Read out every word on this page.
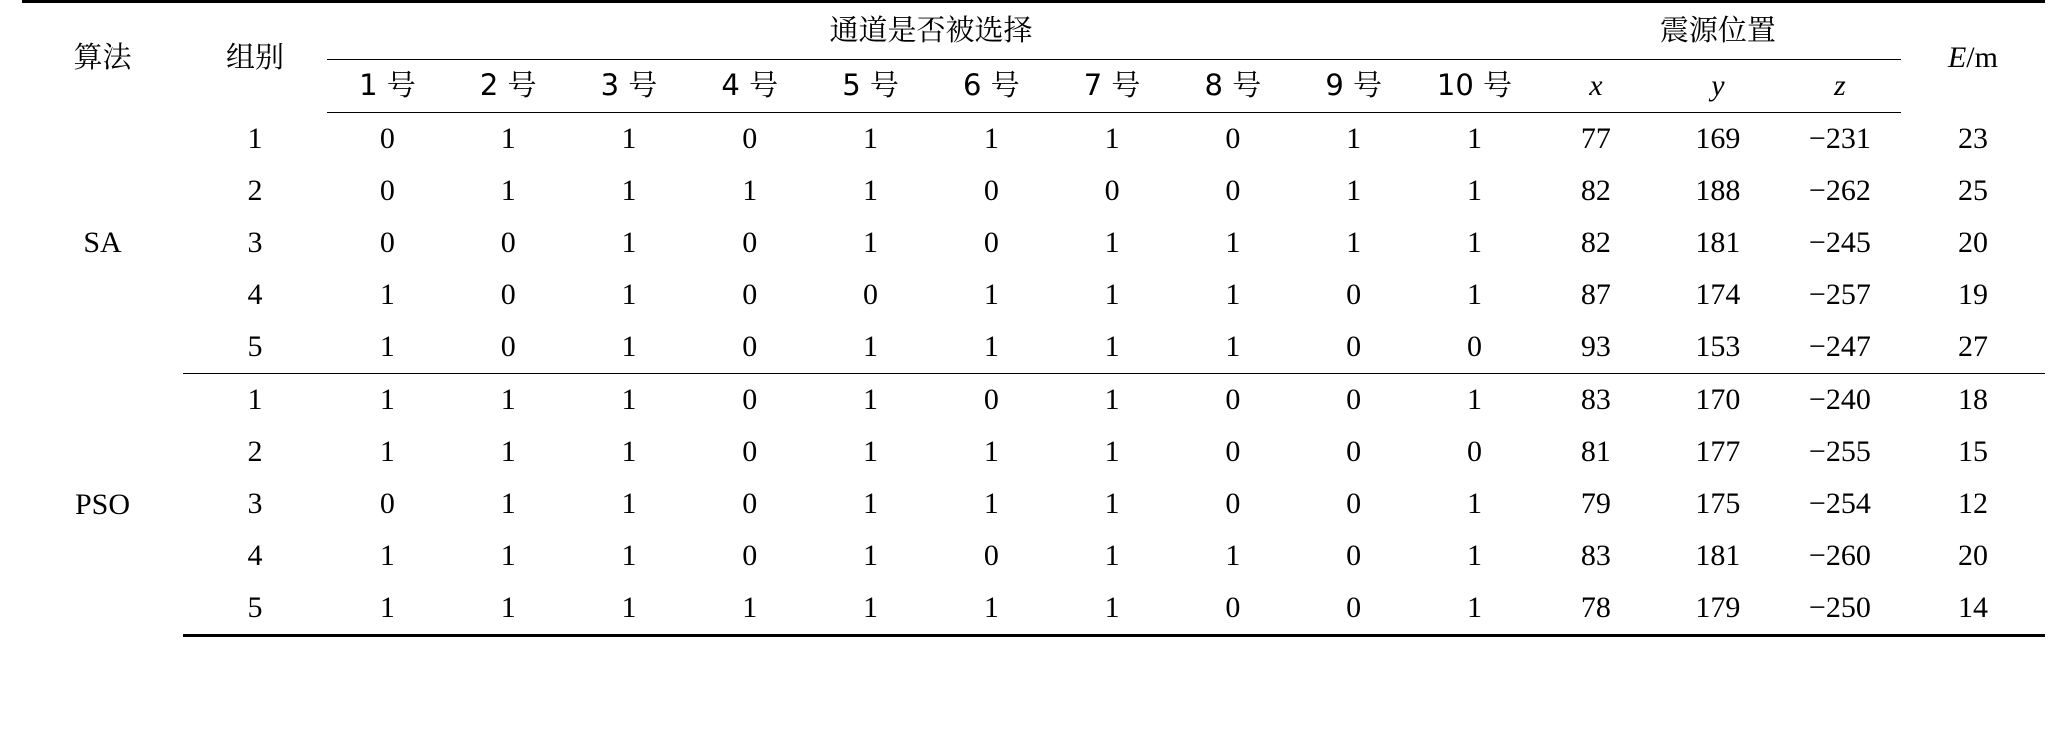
算法	组别	通道是否被选择										震源位置			E/m
		1 号	2 号	3 号	4 号	5 号	6 号	7 号	8 号	9 号	10 号	x	y	z	
SA	1	0	1	1	0	1	1	1	0	1	1	77	169	−231	23
	2	0	1	1	1	1	0	0	0	1	1	82	188	−262	25
	3	0	0	1	0	1	0	1	1	1	1	82	181	−245	20
	4	1	0	1	0	0	1	1	1	0	1	87	174	−257	19
	5	1	0	1	0	1	1	1	1	0	0	93	153	−247	27
PSO	1	1	1	1	0	1	0	1	0	0	1	83	170	−240	18
	2	1	1	1	0	1	1	1	0	0	0	81	177	−255	15
	3	0	1	1	0	1	1	1	0	0	1	79	175	−254	12
	4	1	1	1	0	1	0	1	1	0	1	83	181	−260	20
	5	1	1	1	1	1	1	1	0	0	1	78	179	−250	14
